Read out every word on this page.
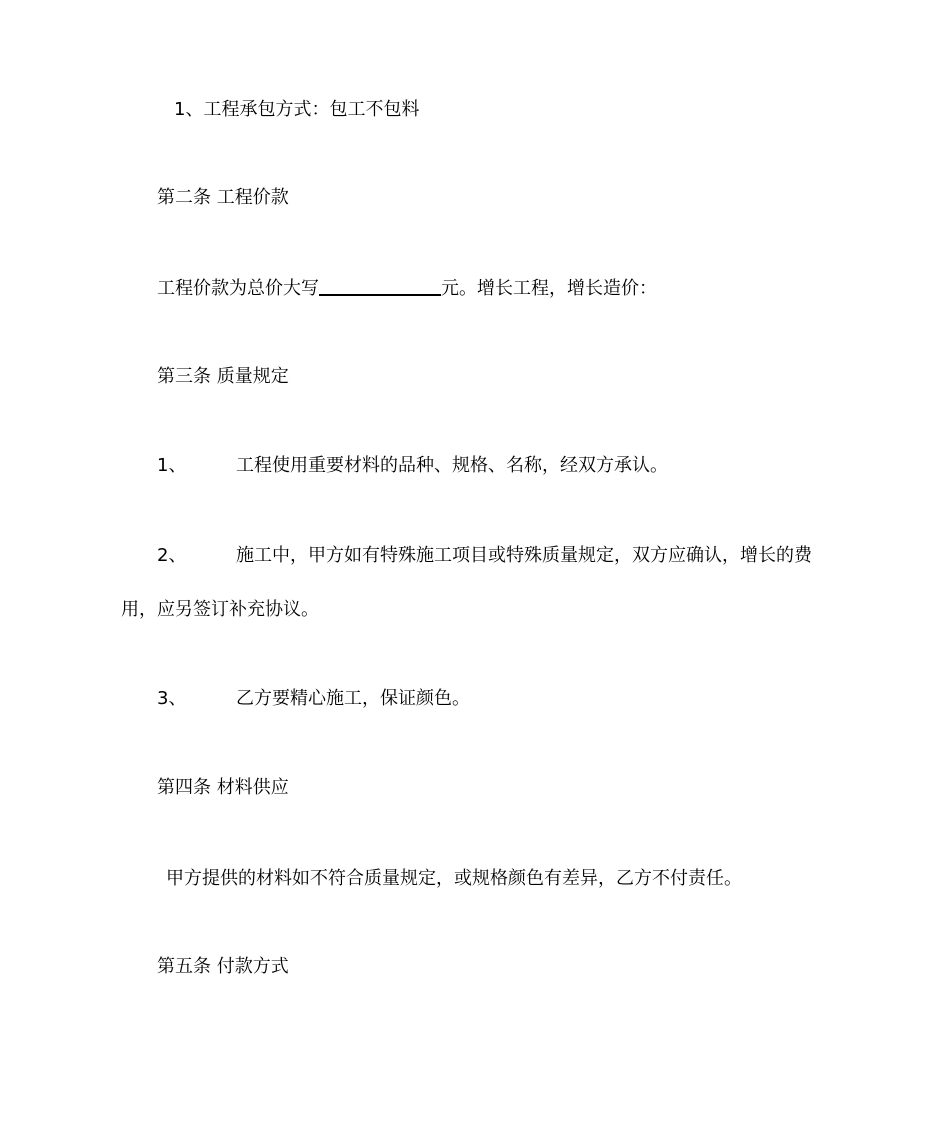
1、工程承包方式：包工不包料
第二条 工程价款
工程价款为总价大写	元。增长工程，增长造价：
第三条 质量规定
1、	工程使用重要材料的品种、规格、名称，经双方承认。
2、	施工中，甲方如有特殊施工项目或特殊质量规定，双方应确认，增长的费
用，应另签订补充协议。
3、	乙方要精心施工，保证颜色。
第四条 材料供应
甲方提供的材料如不符合质量规定，或规格颜色有差异，乙方不付责任。
第五条 付款方式
